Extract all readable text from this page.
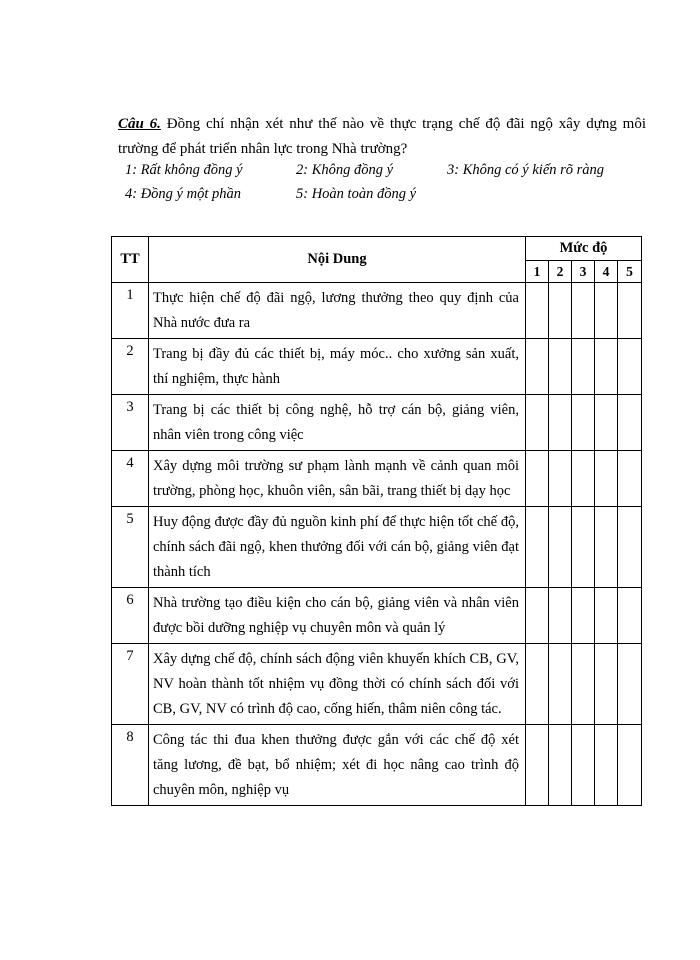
Câu 6. Đồng chí nhận xét như thế nào về thực trạng chế độ đãi ngộ xây dựng môi trường để phát triển nhân lực trong Nhà trường?
1: Rất không đồng ý	2: Không đồng ý	3: Không có ý kiến rõ ràng
4: Đồng ý một phần	5: Hoàn toàn đồng ý
TT	Nội Dung	Mức độ				
		1	2	3	4	5
1	Thực hiện chế độ đãi ngộ, lương thưởng theo quy định của Nhà nước đưa ra					
2	Trang bị đầy đủ các thiết bị, máy móc.. cho xưởng sản xuất, thí nghiệm, thực hành					
3	Trang bị các thiết bị công nghệ, hỗ trợ cán bộ, giảng viên, nhân viên trong công việc					
4	Xây dựng môi trường sư phạm lành mạnh về cảnh quan môi trường, phòng học, khuôn viên, sân bãi, trang thiết bị dạy học					
5	Huy động được đầy đủ nguồn kinh phí để thực hiện tốt chế độ, chính sách đãi ngộ, khen thưởng đối với cán bộ, giảng viên đạt thành tích					
6	Nhà trường tạo điều kiện cho cán bộ, giảng viên và nhân viên được bồi dưỡng nghiệp vụ chuyên môn và quản lý					
7	Xây dựng chế độ, chính sách động viên khuyến khích CB, GV, NV hoàn thành tốt nhiệm vụ đồng thời có chính sách đối với CB, GV, NV có trình độ cao, cống hiến, thâm niên công tác.					
8	Công tác thi đua khen thưởng được gắn với các chế độ xét tăng lương, đề bạt, bổ nhiệm; xét đi học nâng cao trình độ chuyên môn, nghiệp vụ					
